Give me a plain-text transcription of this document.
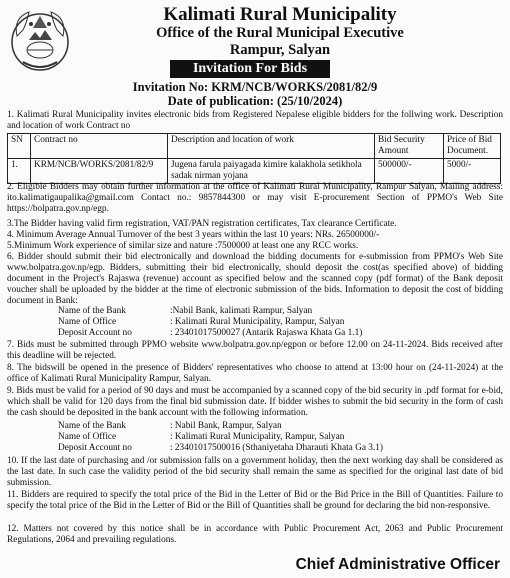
Kalimati Rural Municipality
Office of the Rural Municipal Executive
Rampur, Salyan
Invitation For Bids
Invitation No: KRM/NCB/WORKS/2081/82/9
Date of publication: (25/10/2024)
1. Kalimati Rural Municipality invites electronic bids from Registered Nepalese eligible bidders for the follwing work. Description and location of work Contract no
SN	Contract no	Description and location of work	Bid Security Amount	Price of Bid Document.
1.	KRM/NCB/WORKS/2081/82/9	Jugena farula paiyagada kimire kalakhola setikhola sadak nirman yojana	500000/-	5000/-
2. Eligible Bidders may obtain further information at the office of Kalimati Rural Municipality, Rampur Salyan, Mailing address: ito.kalimatigaupalika@gmail.com Contact no.: 9857844300 or may visit E-procurement Section of PPMO's Web Site https://bolpatra.gov.np/egp.
3.The Bidder having valid firm registration, VAT/PAN registration certificates, Tax clearance Certificate.
4. Minimum Average Annual Turnover of the best 3 years within the last 10 years: NRs. 26500000/-
5.Minimum Work experience of similar size and nature :7500000 at least one any RCC works.
6. Bidder should submit their bid electronically and download the bidding documents for e-submission from PPMO's Web Site www.bolpatra.gov.np/egp. Bidders, submitting their bid electronically, should deposit the cost(as specified above) of bidding document in the Project's Rajaswa (revenue) account as specified below and the scanned copy (pdf format) of the Bank deposit voucher shall be uploaded by the bidder at the time of electronic submission of the bids. Information to deposit the cost of bidding document in Bank:
Name of the Bank	:Nabil Bank, kalimati Rampur, Salyan
Name of Office	: Kalimati Rural Municipality, Rampur, Salyan
Deposit Account no	: 23401017500027 (Antarik Rajaswa Khata Ga 1.1)
7. Bids must be submitted through PPMO website www.bolpatra.gov.np/egpon or before 12.00 on 24-11-2024. Bids received after this deadline will be rejected.
8. The bidswill be opened in the presence of Bidders' representatives who choose to attend at 13:00 hour on (24-11-2024) at the office of Kalimati Rural Municipality Rampur, Salyan.
9. Bids must be valid for a period of 90 days and must be accompanied by a scanned copy of the bid security in .pdf format for e-bid, which shall be valid for 120 days from the final bid submission date. If bidder wishes to submit the bid security in the form of cash the cash should be deposited in the bank account with the following information.
Name of the Bank	: Nabil Bank, Rampur, Salyan
Name of Office	: Kalimati Rural Municipality, Rampur, Salyan
Deposit Account no	: 23401017500016 (Sthaniyetaha Dharauti Khata Ga 3.1)
10. If the last date of purchasing and /or submission falls on a government holiday, then the next working day shall be considered as the last date. In such case the validity period of the bid security shall remain the same as specified for the original last date of bid submission.
11. Bidders are required to specify the total price of the Bid in the Letter of Bid or the Bid Price in the Bill of Quantities. Failure to specify the total price of the Bid in the Letter of Bid or the Bill of Quantities shall be ground for declaring the bid non-responsive.
12. Matters not covered by this notice shall be in accordance with Public Procurement Act, 2063 and Public Procurement Regulations, 2064 and prevailing regulations.
Chief Administrative Officer
